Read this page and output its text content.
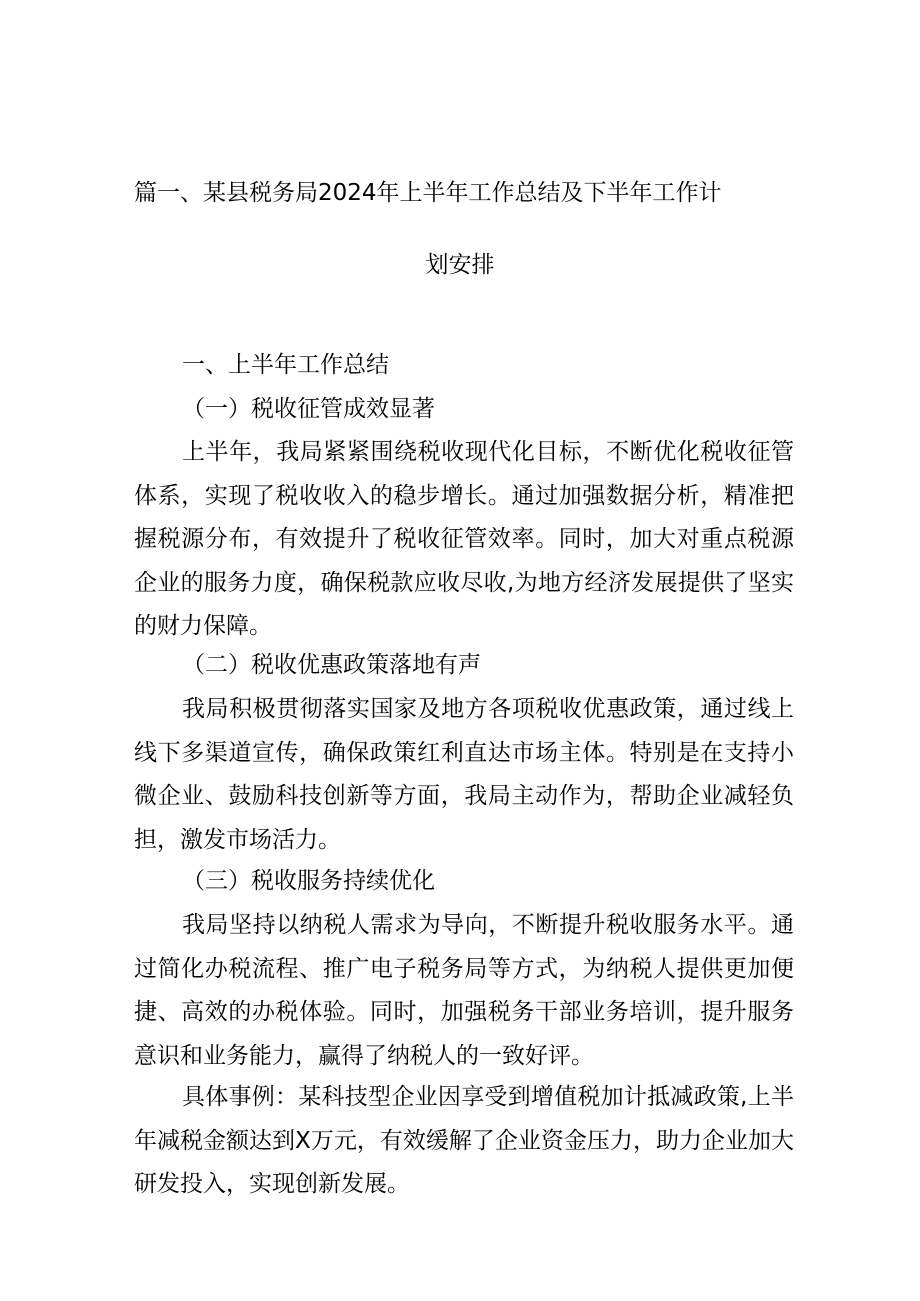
篇一、某县税务局2024年上半年工作总结及下半年工作计
划安排
一、上半年工作总结
（一）税收征管成效显著
上半年，我局紧紧围绕税收现代化目标，不断优化税收征管体系，实现了税收收入的稳步增长。通过加强数据分析，精准把握税源分布，有效提升了税收征管效率。同时，加大对重点税源企业的服务力度，确保税款应收尽收,为地方经济发展提供了坚实的财力保障。
（二）税收优惠政策落地有声
我局积极贯彻落实国家及地方各项税收优惠政策，通过线上线下多渠道宣传，确保政策红利直达市场主体。特别是在支持小微企业、鼓励科技创新等方面，我局主动作为，帮助企业减轻负担，激发市场活力。
（三）税收服务持续优化
我局坚持以纳税人需求为导向，不断提升税收服务水平。通过简化办税流程、推广电子税务局等方式，为纳税人提供更加便捷、高效的办税体验。同时，加强税务干部业务培训，提升服务意识和业务能力，赢得了纳税人的一致好评。
具体事例：某科技型企业因享受到增值税加计抵减政策,上半年减税金额达到X万元，有效缓解了企业资金压力，助力企业加大研发投入，实现创新发展。
